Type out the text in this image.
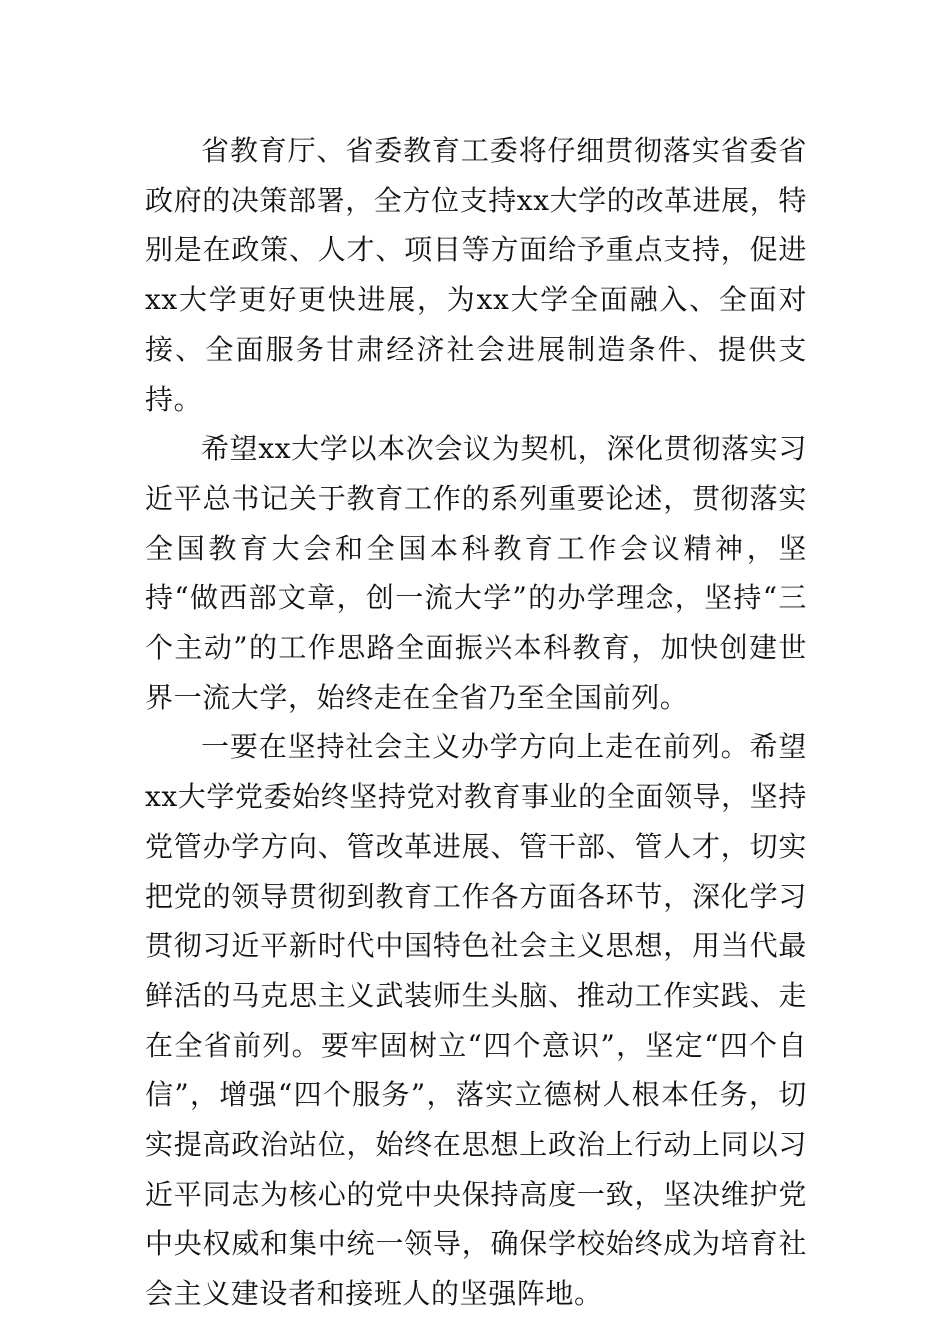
省教育厅、省委教育工委将仔细贯彻落实省委省政府的决策部署，全方位支持xx大学的改革进展，特别是在政策、人才、项目等方面给予重点支持，促进xx大学更好更快进展，为xx大学全面融入、全面对接、全面服务甘肃经济社会进展制造条件、提供支持。

希望xx大学以本次会议为契机，深化贯彻落实习近平总书记关于教育工作的系列重要论述，贯彻落实全国教育大会和全国本科教育工作会议精神，坚持“做西部文章，创一流大学”的办学理念，坚持“三个主动”的工作思路全面振兴本科教育，加快创建世界一流大学，始终走在全省乃至全国前列。

一要在坚持社会主义办学方向上走在前列。希望xx大学党委始终坚持党对教育事业的全面领导，坚持党管办学方向、管改革进展、管干部、管人才，切实把党的领导贯彻到教育工作各方面各环节，深化学习贯彻习近平新时代中国特色社会主义思想，用当代最鲜活的马克思主义武装师生头脑、推动工作实践、走在全省前列。要牢固树立“四个意识”，坚定“四个自信”，增强“四个服务”，落实立德树人根本任务，切实提高政治站位，始终在思想上政治上行动上同以习近平同志为核心的党中央保持高度一致，坚决维护党中央权威和集中统一领导，确保学校始终成为培育社会主义建设者和接班人的坚强阵地。
